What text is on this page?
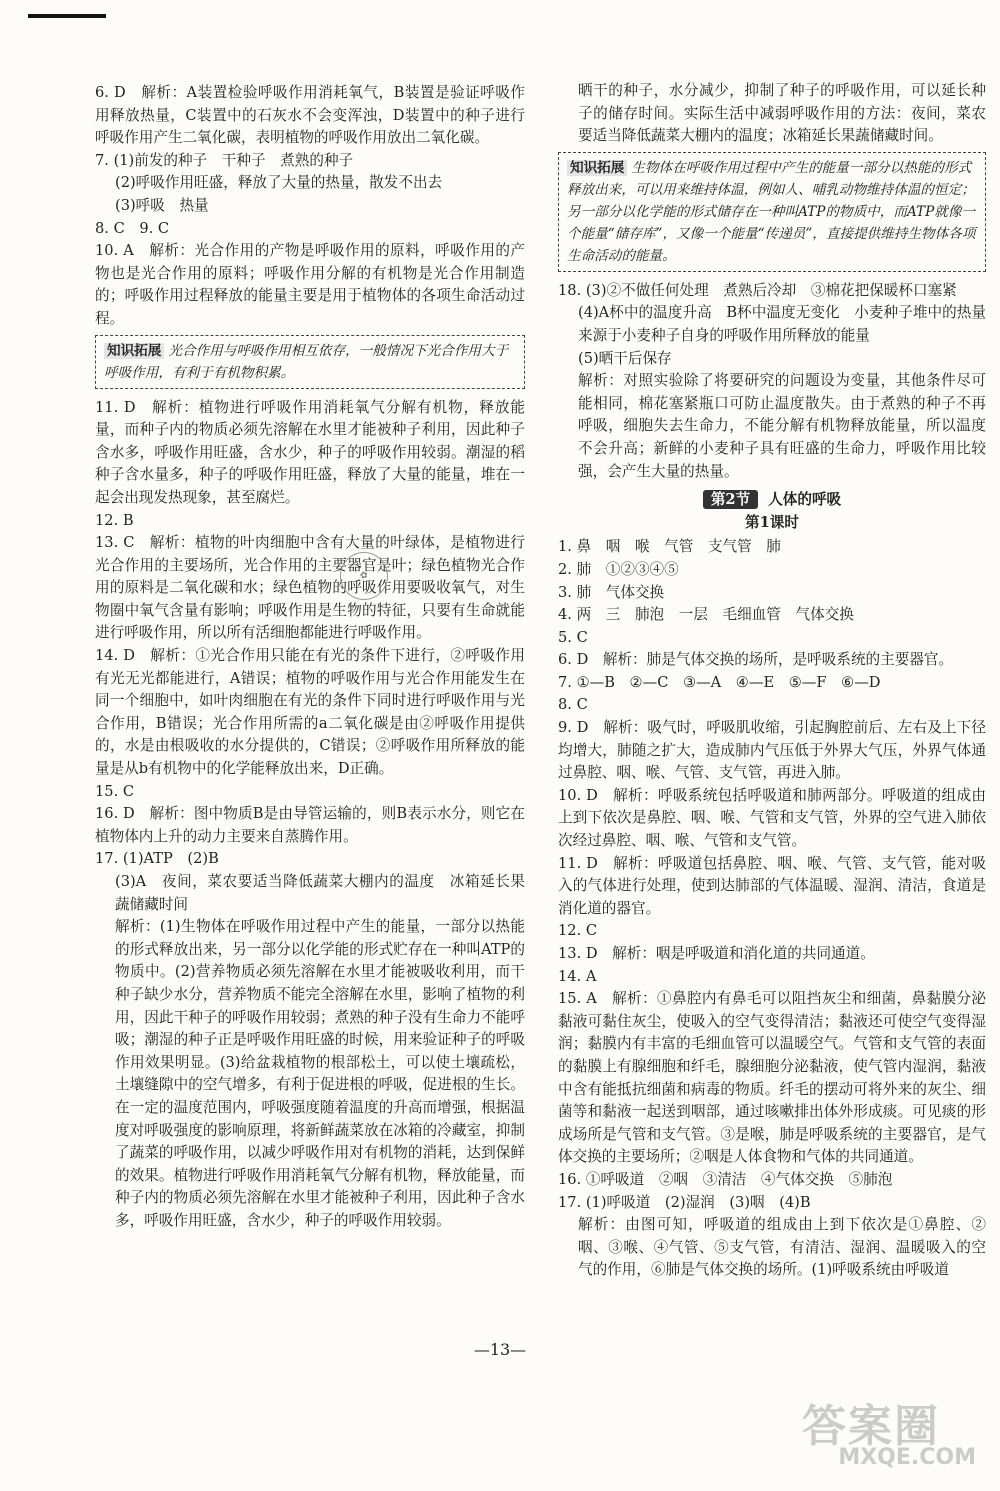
6. D　解析：A装置检验呼吸作用消耗氧气，B装置是验证呼吸作用释放热量，C装置中的石灰水不会变浑浊，D装置中的种子进行呼吸作用产生二氧化碳，表明植物的呼吸作用放出二氧化碳。

7. (1)前发的种子　干种子　煮熟的种子

(2)呼吸作用旺盛，释放了大量的热量，散发不出去

(3)呼吸　热量

8. C　9. C

10. A　解析：光合作用的产物是呼吸作用的原料，呼吸作用的产物也是光合作用的原料；呼吸作用分解的有机物是光合作用制造的；呼吸作用过程释放的能量主要是用于植物体的各项生命活动过程。

知识拓展 光合作用与呼吸作用相互依存，一般情况下光合作用大于呼吸作用，有利于有机物积累。

11. D　解析：植物进行呼吸作用消耗氧气分解有机物，释放能量，而种子内的物质必须先溶解在水里才能被种子利用，因此种子含水多，呼吸作用旺盛，含水少，种子的呼吸作用较弱。潮湿的稻种子含水量多，种子的呼吸作用旺盛，释放了大量的能量，堆在一起会出现发热现象，甚至腐烂。

12. B

13. C　解析：植物的叶肉细胞中含有大量的叶绿体，是植物进行光合作用的主要场所，光合作用的主要器官是叶；绿色植物光合作用的原料是二氧化碳和水；绿色植物的呼吸作用要吸收氧气，对生物圈中氧气含量有影响；呼吸作用是生物的特征，只要有生命就能进行呼吸作用，所以所有活细胞都能进行呼吸作用。

14. D　解析：①光合作用只能在有光的条件下进行，②呼吸作用有光无光都能进行，A错误；植物的呼吸作用与光合作用能发生在同一个细胞中，如叶肉细胞在有光的条件下同时进行呼吸作用与光合作用，B错误；光合作用所需的a二氧化碳是由②呼吸作用提供的，水是由根吸收的水分提供的，C错误；②呼吸作用所释放的能量是从b有机物中的化学能释放出来，D正确。

15. C

16. D　解析：图中物质B是由导管运输的，则B表示水分，则它在植物体内上升的动力主要来自蒸腾作用。

17. (1)ATP　(2)B

(3)A　夜间，菜农要适当降低蔬菜大棚内的温度　冰箱延长果蔬储藏时间

解析：(1)生物体在呼吸作用过程中产生的能量，一部分以热能的形式释放出来，另一部分以化学能的形式贮存在一种叫ATP的物质中。(2)营养物质必须先溶解在水里才能被吸收利用，而干种子缺少水分，营养物质不能完全溶解在水里，影响了植物的利用，因此干种子的呼吸作用较弱；煮熟的种子没有生命力不能呼吸；潮湿的种子正是呼吸作用旺盛的时候，用来验证种子的呼吸作用效果明显。(3)给盆栽植物的根部松土，可以使土壤疏松，土壤缝隙中的空气增多，有利于促进根的呼吸，促进根的生长。在一定的温度范围内，呼吸强度随着温度的升高而增强，根据温度对呼吸强度的影响原理，将新鲜蔬菜放在冰箱的冷藏室，抑制了蔬菜的呼吸作用，以减少呼吸作用对有机物的消耗，达到保鲜的效果。植物进行呼吸作用消耗氧气分解有机物，释放能量，而种子内的物质必须先溶解在水里才能被种子利用，因此种子含水多，呼吸作用旺盛，含水少，种子的呼吸作用较弱。

晒干的种子，水分减少，抑制了种子的呼吸作用，可以延长种子的储存时间。实际生活中减弱呼吸作用的方法：夜间，菜农要适当降低蔬菜大棚内的温度；冰箱延长果蔬储藏时间。

知识拓展 生物体在呼吸作用过程中产生的能量一部分以热能的形式释放出来，可以用来维持体温，例如人、哺乳动物维持体温的恒定；另一部分以化学能的形式储存在一种叫ATP的物质中，而ATP就像一个能量“储存库”，又像一个能量“传递员”，直接提供维持生物体各项生命活动的能量。

18. (3)②不做任何处理　煮熟后冷却　③棉花把保暖杯口塞紧

(4)A杯中的温度升高　B杯中温度无变化　小麦种子堆中的热量来源于小麦种子自身的呼吸作用所释放的能量

(5)晒干后保存

解析：对照实验除了将要研究的问题设为变量，其他条件尽可能相同，棉花塞紧瓶口可防止温度散失。由于煮熟的种子不再呼吸，细胞失去生命力，不能分解有机物释放能量，所以温度不会升高；新鲜的小麦种子具有旺盛的生命力，呼吸作用比较强，会产生大量的热量。

第2节 人体的呼吸

第1课时

1. 鼻　咽　喉　气管　支气管　肺

2. 肺　①②③④⑤

3. 肺　气体交换

4. 两　三　肺泡　一层　毛细血管　气体交换

5. C

6. D　解析：肺是气体交换的场所，是呼吸系统的主要器官。

7. ①—B　②—C　③—A　④—E　⑤—F　⑥—D

8. C

9. D　解析：吸气时，呼吸肌收缩，引起胸腔前后、左右及上下径均增大，肺随之扩大，造成肺内气压低于外界大气压，外界气体通过鼻腔、咽、喉、气管、支气管，再进入肺。

10. D　解析：呼吸系统包括呼吸道和肺两部分。呼吸道的组成由上到下依次是鼻腔、咽、喉、气管和支气管，外界的空气进入肺依次经过鼻腔、咽、喉、气管和支气管。

11. D　解析：呼吸道包括鼻腔、咽、喉、气管、支气管，能对吸入的气体进行处理，使到达肺部的气体温暖、湿润、清洁，食道是消化道的器官。

12. C

13. D　解析：咽是呼吸道和消化道的共同通道。

14. A

15. A　解析：①鼻腔内有鼻毛可以阻挡灰尘和细菌，鼻黏膜分泌黏液可黏住灰尘，使吸入的空气变得清洁；黏液还可使空气变得湿润；黏膜内有丰富的毛细血管可以温暖空气。气管和支气管的表面的黏膜上有腺细胞和纤毛，腺细胞分泌黏液，使气管内湿润，黏液中含有能抵抗细菌和病毒的物质。纤毛的摆动可将外来的灰尘、细菌等和黏液一起送到咽部，通过咳嗽排出体外形成痰。可见痰的形成场所是气管和支气管。③是喉，肺是呼吸系统的主要器官，是气体交换的主要场所；②咽是人体食物和气体的共同通道。

16. ①呼吸道　②咽　③清洁　④气体交换　⑤肺泡

17. (1)呼吸道　(2)湿润　(3)咽　(4)B

解析：由图可知，呼吸道的组成由上到下依次是①鼻腔、②咽、③喉、④气管、⑤支气管，有清洁、湿润、温暖吸入的空气的作用，⑥肺是气体交换的场所。(1)呼吸系统由呼吸道

✿
—13—
答案圈
MXQE.COM
